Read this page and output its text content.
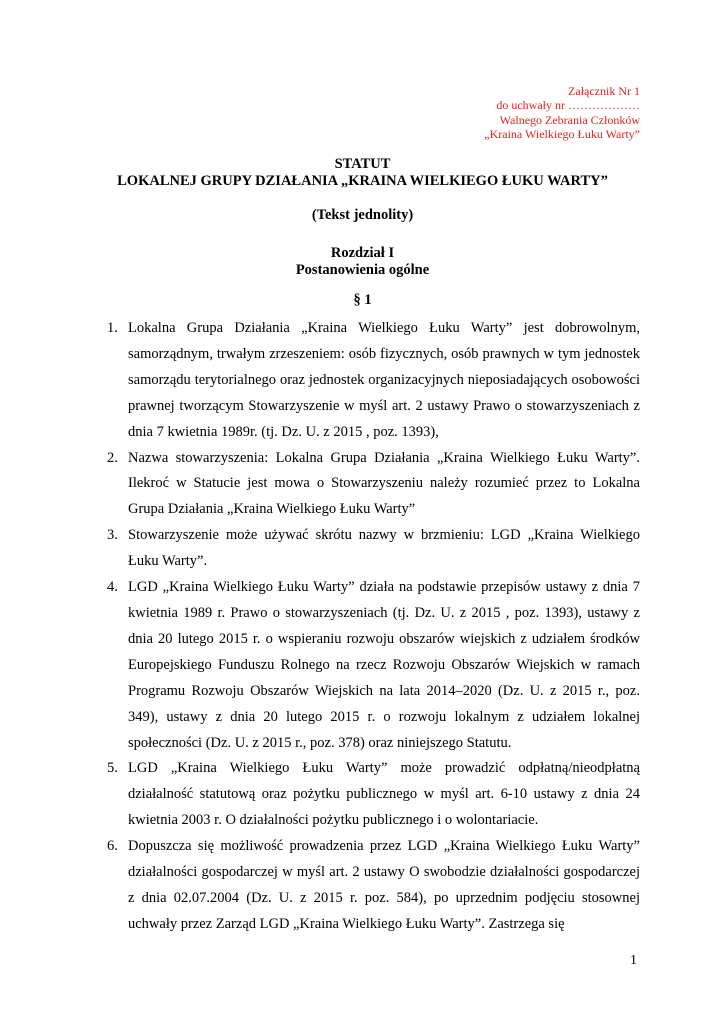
Załącznik Nr 1
do uchwały nr ………………
Walnego Zebrania Członków
„Kraina Wielkiego Łuku Warty”
STATUT
LOKALNEJ GRUPY DZIAŁANIA „KRAINA WIELKIEGO ŁUKU WARTY”
(Tekst jednolity)
Rozdział I
Postanowienia ogólne
§ 1
1. Lokalna Grupa Działania „Kraina Wielkiego Łuku Warty” jest dobrowolnym, samorządnym, trwałym zrzeszeniem: osób fizycznych, osób prawnych w tym jednostek samorządu terytorialnego oraz jednostek organizacyjnych nieposiadających osobowości prawnej tworzącym Stowarzyszenie w myśl art. 2 ustawy Prawo o stowarzyszeniach z dnia 7 kwietnia 1989r. (tj. Dz. U. z 2015 , poz. 1393),
2. Nazwa stowarzyszenia: Lokalna Grupa Działania „Kraina Wielkiego Łuku Warty”. Ilekroć w Statucie jest mowa o Stowarzyszeniu należy rozumieć przez to Lokalna Grupa Działania „Kraina Wielkiego Łuku Warty”
3. Stowarzyszenie może używać skrótu nazwy w brzmieniu: LGD „Kraina Wielkiego Łuku Warty”.
4. LGD „Kraina Wielkiego Łuku Warty” działa na podstawie przepisów ustawy z dnia 7 kwietnia 1989 r. Prawo o stowarzyszeniach (tj. Dz. U. z 2015 , poz. 1393), ustawy z dnia 20 lutego 2015 r. o wspieraniu rozwoju obszarów wiejskich z udziałem środków Europejskiego Funduszu Rolnego na rzecz Rozwoju Obszarów Wiejskich w ramach Programu Rozwoju Obszarów Wiejskich na lata 2014–2020 (Dz. U. z 2015 r., poz. 349), ustawy z dnia 20 lutego 2015 r. o rozwoju lokalnym z udziałem lokalnej społeczności (Dz. U. z 2015 r., poz. 378) oraz niniejszego Statutu.
5. LGD „Kraina Wielkiego Łuku Warty” może prowadzić odpłatną/nieodpłatną działalność statutową oraz pożytku publicznego w myśl art. 6-10 ustawy z dnia 24 kwietnia 2003 r. O działalności pożytku publicznego i o wolontariacie.
6. Dopuszcza się możliwość prowadzenia przez LGD „Kraina Wielkiego Łuku Warty” działalności gospodarczej w myśl art. 2 ustawy O swobodzie działalności gospodarczej z dnia 02.07.2004 (Dz. U. z 2015 r. poz. 584), po uprzednim podjęciu stosownej uchwały przez Zarząd LGD „Kraina Wielkiego Łuku Warty”. Zastrzega się
1
